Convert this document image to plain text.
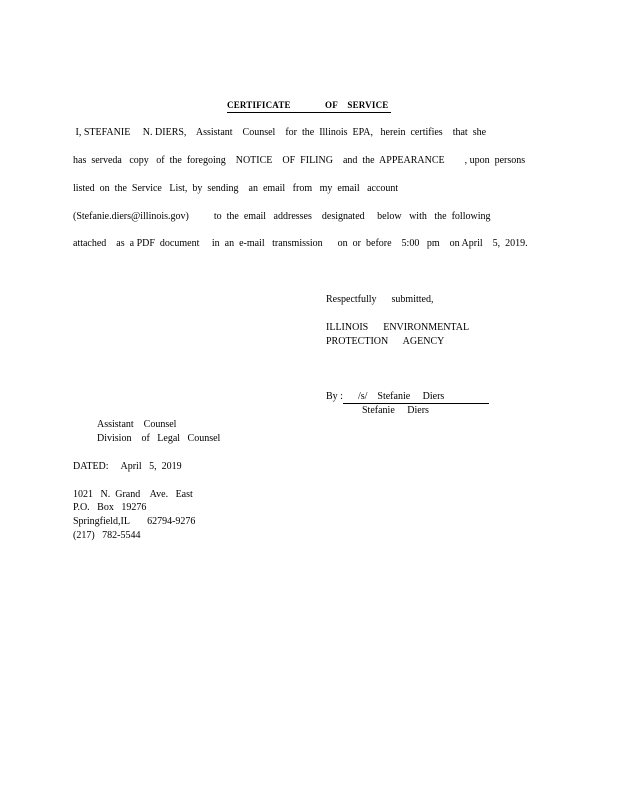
CERTIFICATE              OF    SERVICE
I, STEFANIE     N. DIERS,    Assistant    Counsel    for  the  Illinois  EPA,   herein  certifies    that  she
has  serveda   copy   of  the  foregoing    NOTICE    OF  FILING    and  the  APPEARANCE        , upon  persons
listed  on  the  Service   List,  by  sending    an  email   from   my  email   account
(Stefanie.diers@illinois.gov)          to  the  email   addresses    designated     below   with   the  following
attached    as  a PDF  document     in  an  e-mail   transmission      on  or  before    5:00   pm    on April    5,  2019.
Respectfully      submitted,
ILLINOIS      ENVIRONMENTAL
PROTECTION      AGENCY
By :      /s/    Stefanie     Diers
Stefanie     Diers
Assistant    Counsel
Division    of   Legal   Counsel
DATED:     April   5,  2019
1021   N.  Grand    Ave.   East
P.O.   Box   19276
Springfield,IL       62794-9276
(217)   782-5544
